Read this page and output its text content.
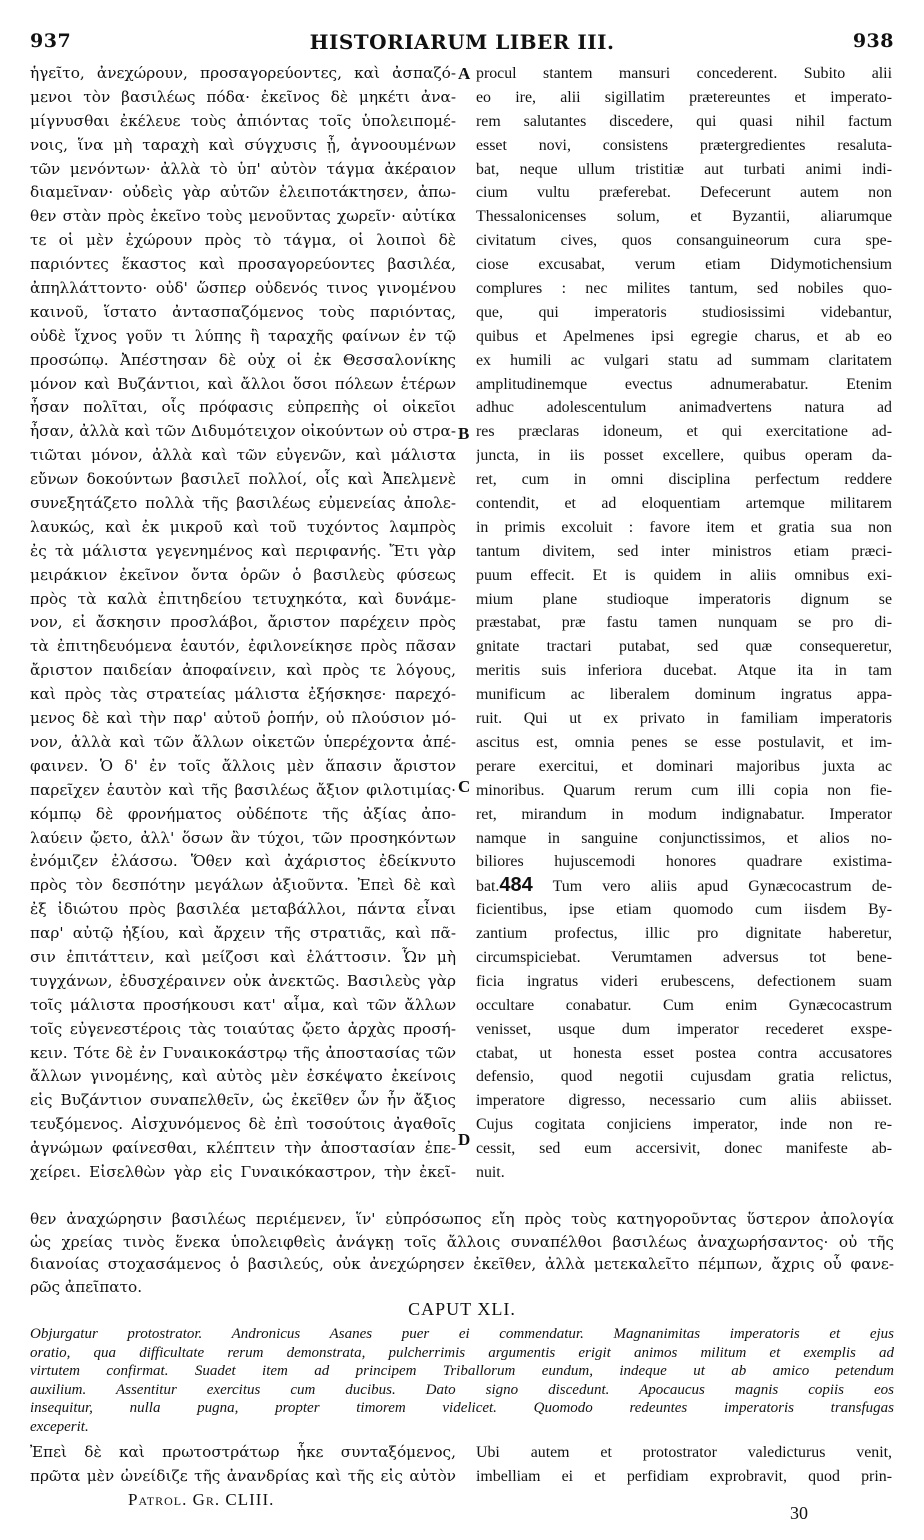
937	HISTORIARUM LIBER III.	938
ἡγεῖτο, ἀνεχώρουν, προσαγορεύοντες, καὶ ἀσπαζό-
μενοι τὸν βασιλέως πόδα· ἐκεῖνος δὲ μηκέτι ἀνα-
μίγνυσθαι ἐκέλευε τοὺς ἀπιόντας τοῖς ὑπολειπομέ-
νοις, ἵνα μὴ ταραχὴ καὶ σύγχυσις ᾖ, ἀγνοουμένων
τῶν μενόντων· ἀλλὰ τὸ ὑπ' αὐτὸν τάγμα ἀκέραιον
διαμεῖναν· οὐδεὶς γὰρ αὐτῶν ἐλειποτάκτησεν, ἀπω-
θεν στὰν πρὸς ἐκεῖνο τοὺς μενοῦντας χωρεῖν· αὐτίκα
τε οἱ μὲν ἐχώρουν πρὸς τὸ τάγμα, οἱ λοιποὶ δὲ
παριόντες ἕκαστος καὶ προσαγορεύοντες βασιλέα,
ἀπηλλάττοντο· οὐδ' ὥσπερ οὐδενός τινος γινομένου
καινοῦ, ἵστατο ἀντασπαζόμενος τοὺς παριόντας,
οὐδὲ ἴχνος γοῦν τι λύπης ἢ ταραχῆς φαίνων ἐν τῷ
προσώπῳ. Ἀπέστησαν δὲ οὐχ οἱ ἐκ Θεσσαλονίκης
μόνον καὶ Βυζάντιοι, καὶ ἄλλοι ὅσοι πόλεων ἑτέρων
ἦσαν πολῖται, οἷς πρόφασις εὐπρεπὴς οἱ οἰκεῖοι
ἦσαν, ἀλλὰ καὶ τῶν Διδυμότειχον οἰκούντων οὐ στρα-
τιῶται μόνον, ἀλλὰ καὶ τῶν εὐγενῶν, καὶ μάλιστα
εὔνων δοκούντων βασιλεῖ πολλοί, οἷς καὶ Ἀπελμενὲ
συνεξητάζετο πολλὰ τῆς βασιλέως εὐμενείας ἀπολε-
λαυκώς, καὶ ἐκ μικροῦ καὶ τοῦ τυχόντος λαμπρὸς
ἐς τὰ μάλιστα γεγενημένος καὶ περιφανής. Ἔτι γὰρ
μειράκιον ἐκεῖνον ὄντα ὁρῶν ὁ βασιλεὺς φύσεως
πρὸς τὰ καλὰ ἐπιτηδείου τετυχηκότα, καὶ δυνάμε-
νον, εἰ ἄσκησιν προσλάβοι, ἄριστον παρέχειν πρὸς
τὰ ἐπιτηδευόμενα ἑαυτόν, ἐφιλονείκησε πρὸς πᾶσαν
ἄριστον παιδείαν ἀποφαίνειν, καὶ πρὸς τε λόγους,
καὶ πρὸς τὰς στρατείας μάλιστα ἐξήσκησε· παρεχό-
μενος δὲ καὶ τὴν παρ' αὐτοῦ ῥοπήν, οὐ πλούσιον μό-
νον, ἀλλὰ καὶ τῶν ἄλλων οἰκετῶν ὑπερέχοντα ἀπέ-
φαινεν. Ὁ δ' ἐν τοῖς ἄλλοις μὲν ἅπασιν ἄριστον
παρεῖχεν ἑαυτὸν καὶ τῆς βασιλέως ἄξιον φιλοτιμίας·
κόμπῳ δὲ φρονήματος οὐδέποτε τῆς ἀξίας ἀπο-
λαύειν ᾤετο, ἀλλ' ὅσων ἂν τύχοι, τῶν προσηκόντων
ἐνόμιζεν ἐλάσσω. Ὅθεν καὶ ἀχάριστος ἐδείκνυτο
πρὸς τὸν δεσπότην μεγάλων ἀξιοῦντα. Ἐπεὶ δὲ καὶ
ἐξ ἰδιώτου πρὸς βασιλέα μεταβάλλοι, πάντα εἶναι
παρ' αὐτῷ ἠξίου, καὶ ἄρχειν τῆς στρατιᾶς, καὶ πᾶ-
σιν ἐπιτάττειν, καὶ μείζοσι καὶ ἐλάττοσιν. Ὧν μὴ
τυγχάνων, ἐδυσχέραινεν οὐκ ἀνεκτῶς. Βασιλεὺς γὰρ
τοῖς μάλιστα προσήκουσι κατ' αἷμα, καὶ τῶν ἄλλων
τοῖς εὐγενεστέροις τὰς τοιαύτας ᾤετο ἀρχὰς προσή-
κειν. Τότε δὲ ἐν Γυναικοκάστρῳ τῆς ἀποστασίας τῶν
ἄλλων γινομένης, καὶ αὐτὸς μὲν ἐσκέψατο ἐκείνοις
εἰς Βυζάντιον συναπελθεῖν, ὡς ἐκεῖθεν ὧν ἦν ἄξιος
τευξόμενος. Αἰσχυνόμενος δὲ ἐπὶ τοσούτοις ἀγαθοῖς
ἀγνώμων φαίνεσθαι, κλέπτειν τὴν ἀποστασίαν ἐπε-
χείρει. Εἰσελθὼν γὰρ εἰς Γυναικόκαστρον, τὴν ἐκεῖ-
procul stantem mansuri concederent. Subito alii
eo ire, alii sigillatim prætereuntes et imperato-
rem salutantes discedere, qui quasi nihil factum
esset novi, consistens prætergredientes resaluta-
bat, neque ullum tristitiæ aut turbati animi indi-
cium vultu præferebat. Defecerunt autem non
Thessalonicenses solum, et Byzantii, aliarumque
civitatum cives, quos consanguineorum cura spe-
ciose excusabat, verum etiam Didymotichensium
complures : nec milites tantum, sed nobiles quo-
que, qui imperatoris studiosissimi videbantur,
quibus et Apelmenes ipsi egregie charus, et ab eo
ex humili ac vulgari statu ad summam claritatem
amplitudinemque evectus adnumerabatur. Etenim
adhuc adolescentulum animadvertens natura ad
res præclaras idoneum, et qui exercitatione ad-
juncta, in iis posset excellere, quibus operam da-
ret, cum in omni disciplina perfectum reddere
contendit, et ad eloquentiam artemque militarem
in primis excoluit : favore item et gratia sua non
tantum divitem, sed inter ministros etiam præci-
puum effecit. Et is quidem in aliis omnibus exi-
mium plane studioque imperatoris dignum se
præstabat, præ fastu tamen nunquam se pro di-
gnitate tractari putabat, sed quæ consequeretur,
meritis suis inferiora ducebat. Atque ita in tam
munificum ac liberalem dominum ingratus appa-
ruit. Qui ut ex privato in familiam imperatoris
ascitus est, omnia penes se esse postulavit, et im-
perare exercitui, et dominari majoribus juxta ac
minoribus. Quarum rerum cum illi copia non fie-
ret, mirandum in modum indignabatur. Imperator
namque in sanguine conjunctissimos, et alios no-
biliores hujuscemodi honores quadrare existima-
bat.484 Tum vero aliis apud Gynæcocastrum de-
ficientibus, ipse etiam quomodo cum iisdem By-
zantium profectus, illic pro dignitate haberetur,
circumspiciebat. Verumtamen adversus tot bene-
ficia ingratus videri erubescens, defectionem suam
occultare conabatur. Cum enim Gynæcocastrum
venisset, usque dum imperator recederet exspe-
ctabat, ut honesta esset postea contra accusatores
defensio, quod negotii cujusdam gratia relictus,
imperatore digresso, necessario cum aliis abiisset.
Cujus cogitata conjiciens imperator, inde non re-
cessit, sed eum accersivit, donec manifeste ab-
nuit.
A
B
C
D
θεν ἀναχώρησιν βασιλέως περιέμενεν, ἵν' εὐπρόσωπος εἴη πρὸς τοὺς κατηγοροῦντας ὕστερον ἀπολογία
ὡς χρείας τινὸς ἕνεκα ὑπολειφθεὶς ἀνάγκῃ τοῖς ἄλλοις συναπέλθοι βασιλέως ἀναχωρήσαντος· οὐ τῆς
διανοίας στοχασάμενος ὁ βασιλεύς, οὐκ ἀνεχώρησεν ἐκεῖθεν, ἀλλὰ μετεκαλεῖτο πέμπων, ἄχρις οὗ φανε-
ρῶς ἀπεῖπατο.
CAPUT XLI.
Objurgatur protostrator. Andronicus Asanes puer ei commendatur. Magnanimitas imperatoris et ejus
oratio, qua difficultate rerum demonstrata, pulcherrimis argumentis erigit animos militum et exemplis ad
virtutem confirmat. Suadet item ad principem Triballorum eundum, indeque ut ab amico petendum
auxilium. Assentitur exercitus cum ducibus. Dato signo discedunt. Apocaucus magnis copiis eos
insequitur, nulla pugna, propter timorem videlicet. Quomodo redeuntes imperatoris transfugas
exceperit.
Ἐπεὶ δὲ καὶ πρωτοστράτωρ ἧκε συνταξόμενος,
πρῶτα μὲν ὠνείδιζε τῆς ἀνανδρίας καὶ τῆς εἰς αὐτὸν
Ubi autem et protostrator valedicturus venit,
imbelliam ei et perfidiam exprobravit, quod prin-
Patrol. Gr. CLIII.
30
